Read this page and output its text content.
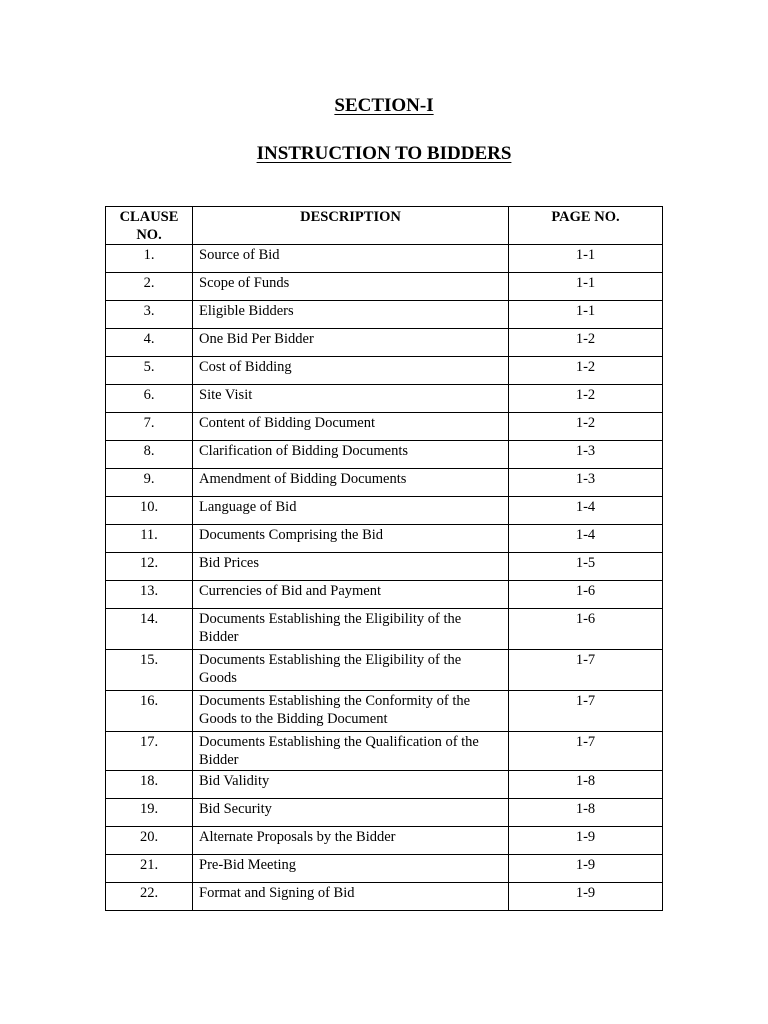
SECTION-I
INSTRUCTION TO BIDDERS
CLAUSE NO.	DESCRIPTION	PAGE NO.
1.	Source of Bid	1-1
2.	Scope of Funds	1-1
3.	Eligible Bidders	1-1
4.	One Bid Per Bidder	1-2
5.	Cost of Bidding	1-2
6.	Site Visit	1-2
7.	Content of Bidding Document	1-2
8.	Clarification of Bidding Documents	1-3
9.	Amendment of Bidding Documents	1-3
10.	Language of Bid	1-4
11.	Documents Comprising the Bid	1-4
12.	Bid Prices	1-5
13.	Currencies of Bid and Payment	1-6
14.	Documents Establishing the Eligibility of the Bidder	1-6
15.	Documents Establishing the Eligibility of the Goods	1-7
16.	Documents Establishing the Conformity of the Goods to the Bidding Document	1-7
17.	Documents Establishing the Qualification of the Bidder	1-7
18.	Bid Validity	1-8
19.	Bid Security	1-8
20.	Alternate Proposals by the Bidder	1-9
21.	Pre-Bid Meeting	1-9
22.	Format and Signing of Bid	1-9
